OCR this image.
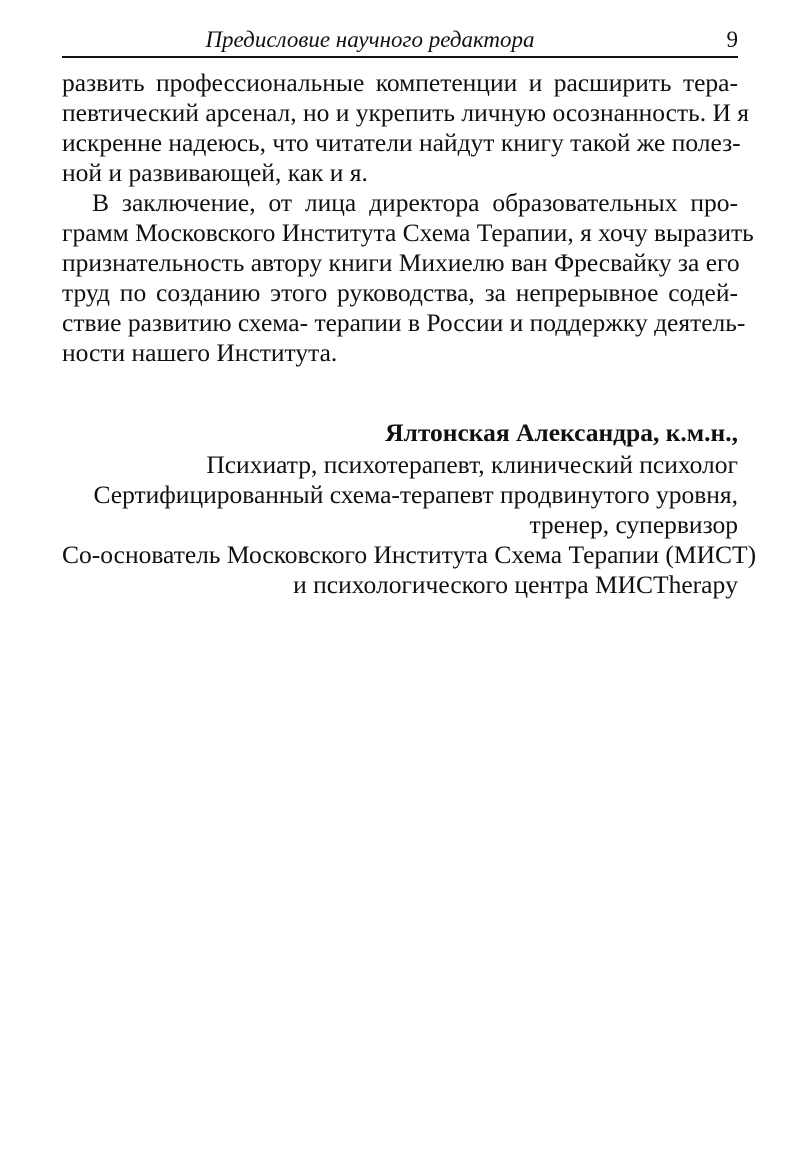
Предисловие научного редактора	9

развить профессиональные компетенции и расширить тера-
певтический арсенал, но и укрепить личную осознанность. И я
искренне надеюсь, что читатели найдут книгу такой же полез-
ной и развивающей, как и я.

В заключение, от лица директора образовательных про-
грамм Московского Института Схема Терапии, я хочу выразить
признательность автору книги Михиелю ван Фресвайку за его
труд по созданию этого руководства, за непрерывное содей-
ствие развитию схема- терапии в России и поддержку деятель-
ности нашего Института.

Ялтонская Александра, к.м.н.,
Психиатр, психотерапевт, клинический психолог
Сертифицированный схема-терапевт продвинутого уровня,
тренер, супервизор
Со-основатель Московского Института Схема Терапии (МИСТ)
и психологического центра МИСTherapy
